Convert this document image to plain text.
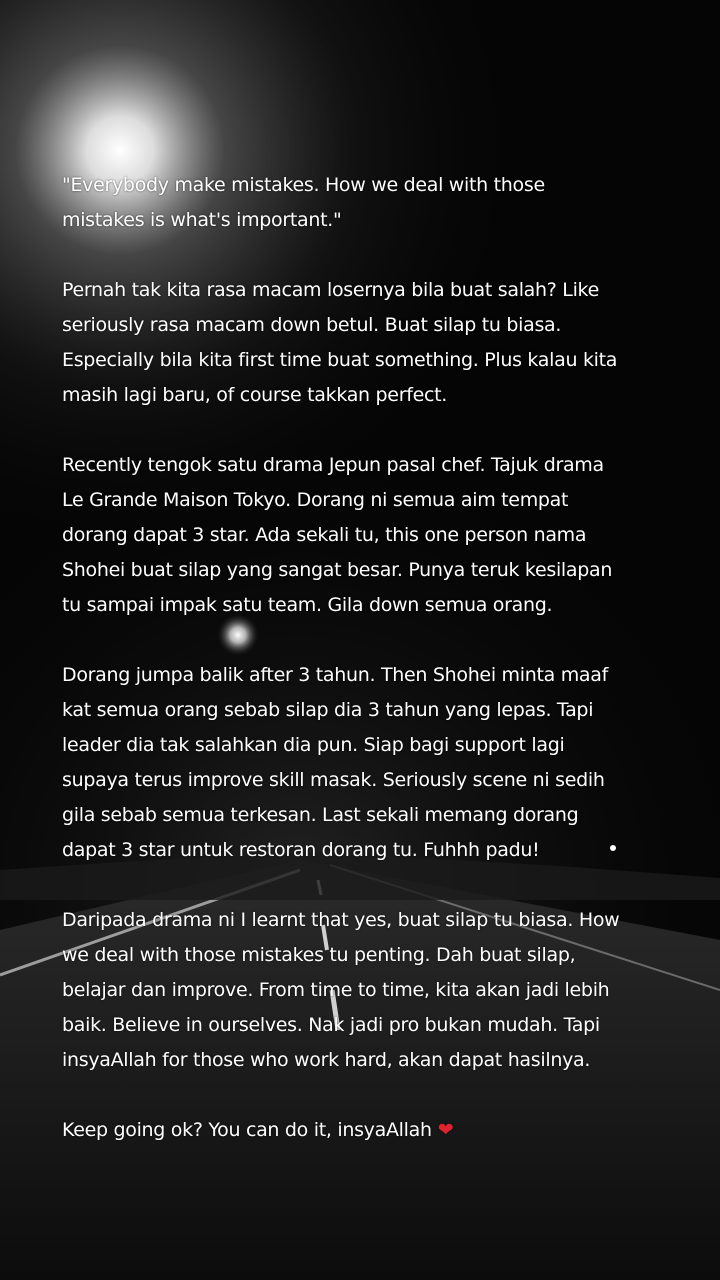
"Everybody make mistakes. How we deal with those
mistakes is what's important."
Pernah tak kita rasa macam losernya bila buat salah? Like
seriously rasa macam down betul. Buat silap tu biasa.
Especially bila kita first time buat something. Plus kalau kita
masih lagi baru, of course takkan perfect.
Recently tengok satu drama Jepun pasal chef. Tajuk drama
Le Grande Maison Tokyo. Dorang ni semua aim tempat
dorang dapat 3 star. Ada sekali tu, this one person nama
Shohei buat silap yang sangat besar. Punya teruk kesilapan
tu sampai impak satu team. Gila down semua orang.
Dorang jumpa balik after 3 tahun. Then Shohei minta maaf
kat semua orang sebab silap dia 3 tahun yang lepas. Tapi
leader dia tak salahkan dia pun. Siap bagi support lagi
supaya terus improve skill masak. Seriously scene ni sedih
gila sebab semua terkesan. Last sekali memang dorang
dapat 3 star untuk restoran dorang tu. Fuhhh padu!
Daripada drama ni I learnt that yes, buat silap tu biasa. How
we deal with those mistakes tu penting. Dah buat silap,
belajar dan improve. From time to time, kita akan jadi lebih
baik. Believe in ourselves. Nak jadi pro bukan mudah. Tapi
insyaAllah for those who work hard, akan dapat hasilnya.
Keep going ok? You can do it, insyaAllah ❤
